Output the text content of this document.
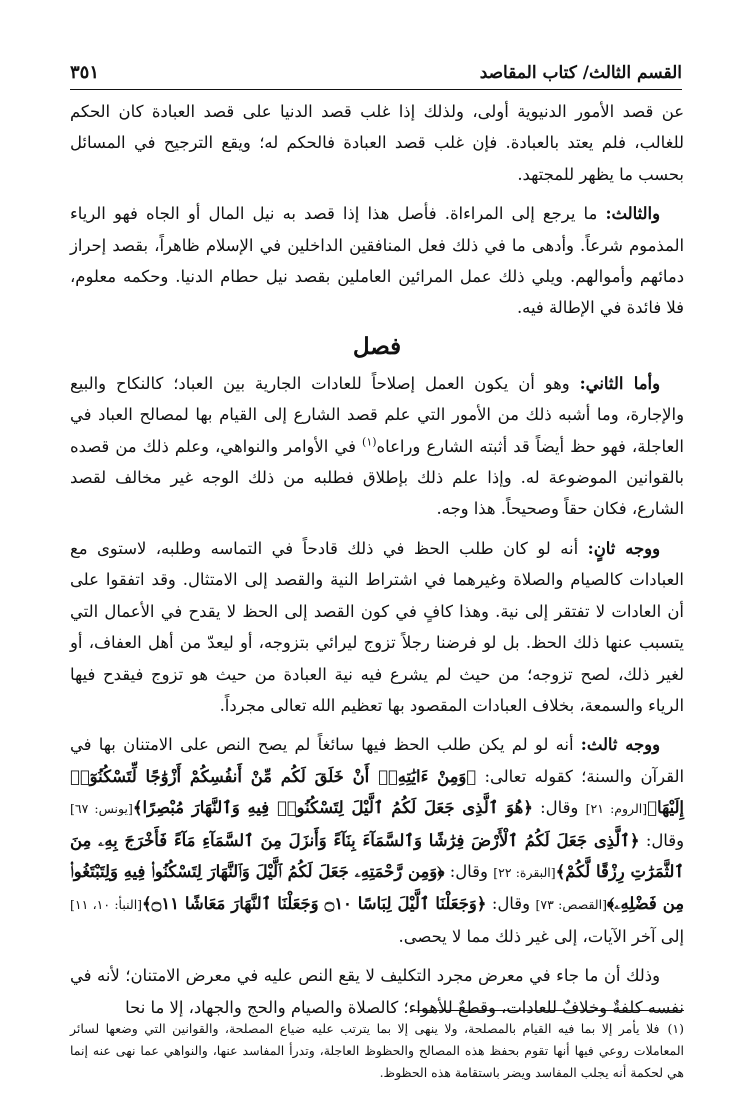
القسم الثالث/ كتاب المقاصد
٣٥١

عن قصد الأمور الدنيوية أولى، ولذلك إذا غلب قصد الدنيا على قصد العبادة كان الحكم للغالب، فلم يعتد بالعبادة. فإن غلب قصد العبادة فالحكم له؛ ويقع الترجيح في المسائل بحسب ما يظهر للمجتهد.

والثالث: ما يرجع إلى المراءاة. فأصل هذا إذا قصد به نيل المال أو الجاه فهو الرياء المذموم شرعاً. وأدهى ما في ذلك فعل المنافقين الداخلين في الإسلام ظاهراً، بقصد إحراز دمائهم وأموالهم. ويلي ذلك عمل المرائين العاملين بقصد نيل حطام الدنيا. وحكمه معلوم، فلا فائدة في الإطالة فيه.

فصل

وأما الثاني: وهو أن يكون العمل إصلاحاً للعادات الجارية بين العباد؛ كالنكاح والبيع والإجارة، وما أشبه ذلك من الأمور التي علم قصد الشارع إلى القيام بها لمصالح العباد في العاجلة، فهو حظ أيضاً قد أثبته الشارع وراعاه$^{(١)}$ في الأوامر والنواهي، وعلم ذلك من قصده بالقوانين الموضوعة له. وإذا علم ذلك بإطلاق فطلبه من ذلك الوجه غير مخالف لقصد الشارع، فكان حقاً وصحيحاً. هذا وجه.

ووجه ثانٍ: أنه لو كان طلب الحظ في ذلك قادحاً في التماسه وطلبه، لاستوى مع العبادات كالصيام والصلاة وغيرهما في اشتراط النية والقصد إلى الامتثال. وقد اتفقوا على أن العادات لا تفتقر إلى نية. وهذا كافٍ في كون القصد إلى الحظ لا يقدح في الأعمال التي يتسبب عنها ذلك الحظ. بل لو فرضنا رجلاً تزوج ليرائي بتزوجه، أو ليعدّ من أهل العفاف، أو لغير ذلك، لصح تزوجه؛ من حيث لم يشرع فيه نية العبادة من حيث هو تزوج فيقدح فيها الرياء والسمعة، بخلاف العبادات المقصود بها تعظيم الله تعالى مجرداً.

ووجه ثالث: أنه لو لم يكن طلب الحظ فيها سائغاً لم يصح النص على الامتنان بها في القرآن والسنة؛ كقوله تعالى: ﴿وَمِنْ ءَايَٰتِهِۦٓ أَنْ خَلَقَ لَكُم مِّنْ أَنفُسِكُمْ أَزْوَٰجًا لِّتَسْكُنُوٓا۟ إِلَيْهَا﴾[الروم: ٢١] وقال: ﴿هُوَ ٱلَّذِى جَعَلَ لَكُمُ ٱلَّيْلَ لِتَسْكُنُوا۟ فِيهِ وَٱلنَّهَارَ مُبْصِرًا﴾[يونس: ٦٧] وقال: ﴿ٱلَّذِى جَعَلَ لَكُمُ ٱلْأَرْضَ فِرَٰشًا وَٱلسَّمَآءَ بِنَآءً وَأَنزَلَ مِنَ ٱلسَّمَآءِ مَآءً فَأَخْرَجَ بِهِۦ مِنَ ٱلثَّمَرَٰتِ رِزْقًا لَّكُمْ﴾[البقرة: ٢٢] وقال: ﴿وَمِن رَّحْمَتِهِۦ جَعَلَ لَكُمُ ٱلَّيْلَ وَٱلنَّهَارَ لِتَسْكُنُوا۟ فِيهِ وَلِتَبْتَغُوا۟ مِن فَضْلِهِۦ﴾[القصص: ٧٣] وقال: ﴿وَجَعَلْنَا ٱلَّيْلَ لِبَاسًا ۝١٠ وَجَعَلْنَا ٱلنَّهَارَ مَعَاشًا ۝١١﴾[النبأ: ١٠، ١١] إلى آخر الآيات، إلى غير ذلك مما لا يحصى.

وذلك أن ما جاء في معرض مجرد التكليف لا يقع النص عليه في معرض الامتنان؛ لأنه في نفسه كلفةٌ وخلافٌ للعادات، وقطعٌ للأهواء؛ كالصلاة والصيام والحج والجهاد، إلا ما نحا

(١)فلا يأمر إلا بما فيه القيام بالمصلحة، ولا ينهى إلا بما يترتب عليه ضياع المصلحة، والقوانين التي وضعها لسائر المعاملات روعي فيها أنها تقوم بحفظ هذه المصالح والحظوظ العاجلة، وتدرأ المفاسد عنها، والنواهي عما نهى عنه إنما هي لحكمة أنه يجلب المفاسد ويضر باستقامة هذه الحظوظ.
